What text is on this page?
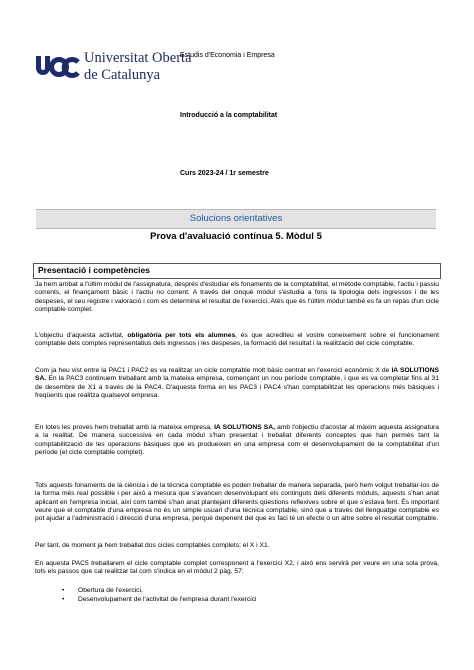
Universitat Oberta
de Catalunya
Estudis d'Economia i Empresa
Introducció a la comptabilitat
Curs 2023-24 / 1r semestre
Solucions orientatives
Prova d'avaluació contínua 5. Mòdul 5
Presentació i competències
Ja hem arribat a l'últim mòdul de l'assignatura, després d'estudiar els fonaments de la comptabilitat, el mètode comptable, l'actiu i passiu corrents, el finançament bàsic i l'actiu no corrent. A través del cinquè mòdul s'estudia a fons la tipologia dels ingressos i de les despeses, el seu registre i valoració i com es determina el resultat de l'exercici. Atès que és l'últim mòdul també es fa un repàs d'un cicle comptable complet.
L'objectiu d'aquesta activitat, obligatòria per tots els alumnes, és que acrediteu el vostre coneixement sobre el funcionament comptable dels comptes representatius dels ingressos i les despeses, la formació del resultat i la realització del cicle comptable.
Com ja heu vist entre la PAC1 i PAC2 es va realitzar un cicle comptable molt bàsic centrat en l'exercici econòmic X de IA SOLUTIONS SA. En la PAC3 continuem treballant amb la mateixa empresa, començant un nou període comptable, i que es va completar fins al 31 de desembre de X1 a través de la PAC4. D'aquesta forma en les PAC3 i PAC4 s'han comptabilitzat les operacions més bàsiques i freqüents que realitza qualsevol empresa.
En totes les proves hem treballat amb la mateixa empresa, IA SOLUTIONS SA, amb l'objectiu d'acostar al màxim aquesta assignatura a la realitat. De manera successiva en cada mòdul s'han presentat i treballat diferents conceptes que han permès tant la comptabilització de les operacions bàsiques que es produeixen en una empresa com el desenvolupament de la comptabilitat d'un període (el cicle comptable complet).
Tots aquests fonaments de la ciència i de la tècnica comptable es poden treballar de manera separada, però hem volgut treballar-los de la forma més real possible i per això a mesura que s'avancen desenvolupant els continguts dels diferents mòduls, aquests s'han anat aplicant en l'empresa inicial, així com també s'han anat plantejant diferents qüestions reflexives sobre el que s'estava fent. És important veure que el comptable d'una empresa no és un simple usuari d'una tècnica comptable, sinó que a través del llenguatge comptable es pot ajudar a l'administració i direcció d'una empresa, perquè depenent del que es faci té un efecte o un altre sobre el resultat comptable.
Per tant, de moment ja hem treballat dos cicles comptables complets: el X i X1.
En aquesta PAC5 treballarem el cicle comptable complet corresponent a l'exercici X2, i això ens servirà per veure en una sola prova, tots els passos que cal realitzar tal com s'indica en el mòdul 2 pàg. 57:
• Obertura de l'exercici,
• Desenvolupament de l'activitat de l'empresa durant l'exercici
